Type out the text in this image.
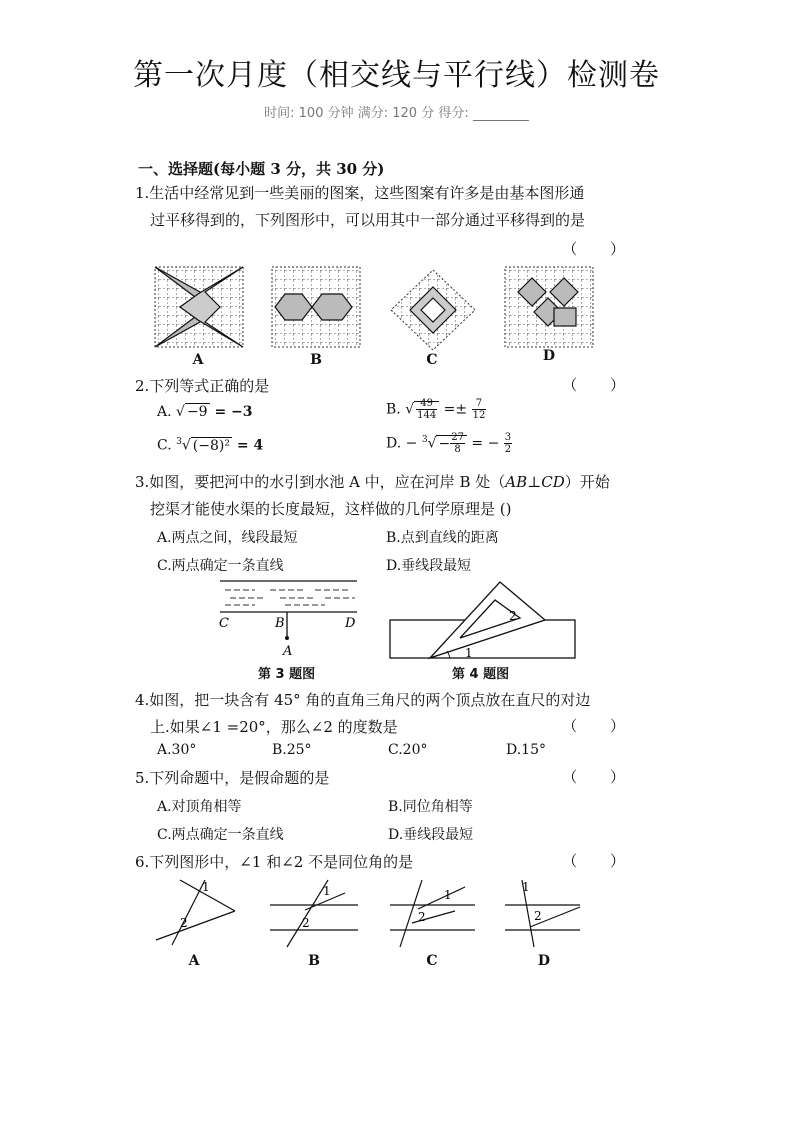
第一次月度（相交线与平行线）检测卷
时间: 100 分钟 满分: 120 分 得分:
一、选择题(每小题 3 分，共 30 分)
1.生活中经常见到一些美丽的图案，这些图案有许多是由基本图形通
过平移得到的，下列图形中，可以用其中一部分通过平移得到的是
（ ）
A	B	C	D
2.下列等式正确的是	（ ）
A. √ −9 = −3	B. √ $\frac{49}{144} =\pm \frac{7}{12}$
C. $^3$√ (−8)² = 4	D. − $^3√ - \frac{27}{8}$ = − $\frac{3}{2}$
3.如图，要把河中的水引到水池 A 中，应在河岸 B 处（AB⊥CD）开始
挖渠才能使水渠的长度最短，这样做的几何学原理是 ()
A.两点之间，线段最短	B.点到直线的距离
C.两点确定一条直线	D.垂线段最短
C	B	D
A
第 3 题图
1
2
第 4 题图
4.如图，把一块含有 45° 角的直角三角尺的两个顶点放在直尺的对边
上.如果∠1 =20°，那么∠2 的度数是	（ ）
A.30°	B.25°	C.20°	D.15°
5.下列命题中，是假命题的是	（ ）
A.对顶角相等	B.同位角相等
C.两点确定一条直线	D.垂线段最短
6.下列图形中，∠1 和∠2 不是同位角的是	（ ）
1
2
1
2
1
2
1
2
A	B	C	D
